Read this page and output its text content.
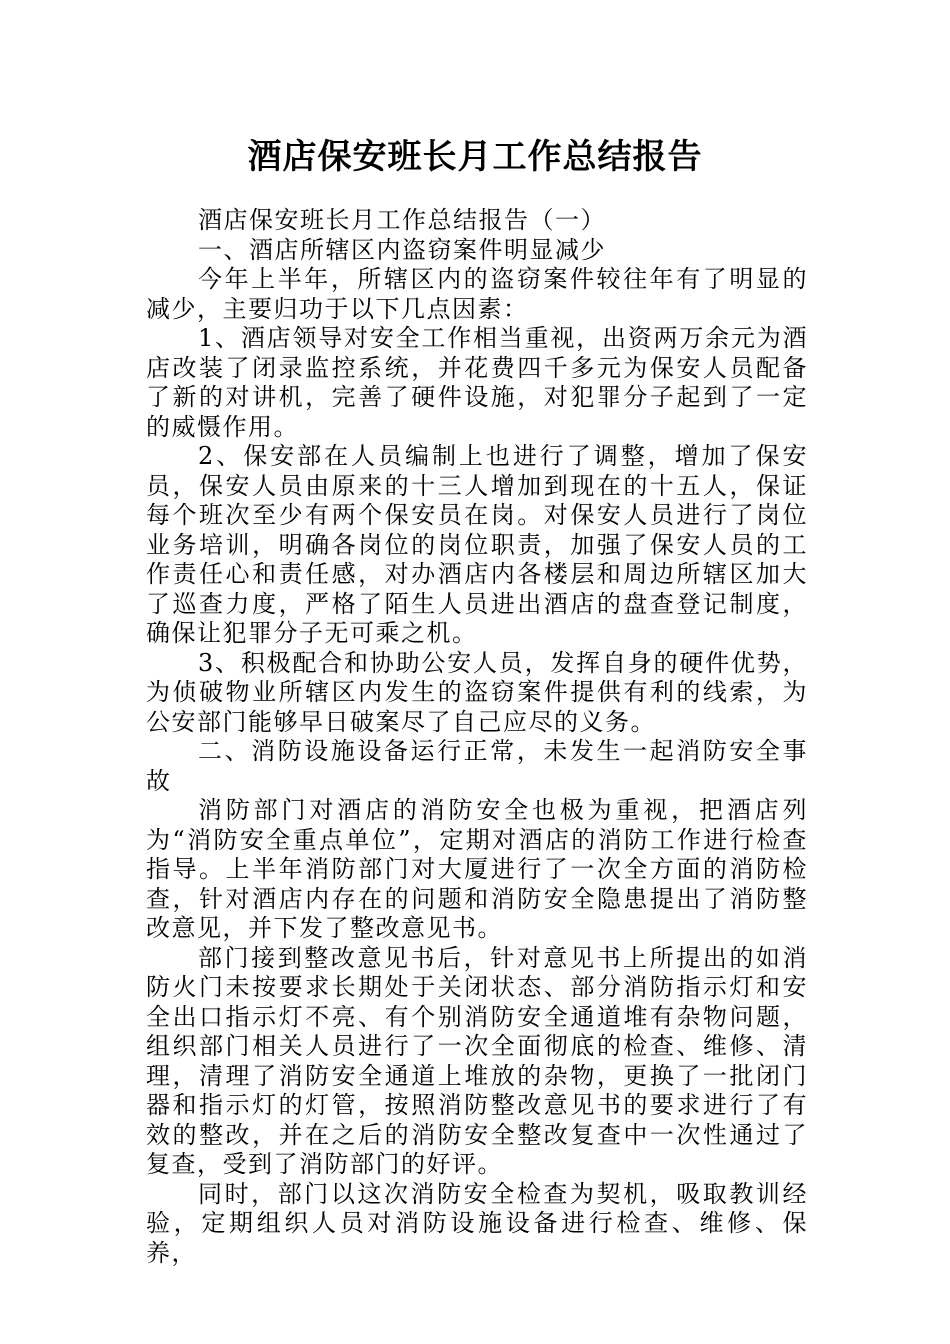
酒店保安班长月工作总结报告

酒店保安班长月工作总结报告（一）

一、酒店所辖区内盗窃案件明显减少

今年上半年，所辖区内的盗窃案件较往年有了明显的减少，主要归功于以下几点因素：

1、酒店领导对安全工作相当重视，出资两万余元为酒店改装了闭录监控系统，并花费四千多元为保安人员配备了新的对讲机，完善了硬件设施，对犯罪分子起到了一定的威慑作用。

2、保安部在人员编制上也进行了调整，增加了保安员，保安人员由原来的十三人增加到现在的十五人，保证每个班次至少有两个保安员在岗。对保安人员进行了岗位业务培训，明确各岗位的岗位职责，加强了保安人员的工作责任心和责任感，对办酒店内各楼层和周边所辖区加大了巡查力度，严格了陌生人员进出酒店的盘查登记制度，确保让犯罪分子无可乘之机。

3、积极配合和协助公安人员，发挥自身的硬件优势，为侦破物业所辖区内发生的盗窃案件提供有利的线索，为公安部门能够早日破案尽了自己应尽的义务。

二、消防设施设备运行正常，未发生一起消防安全事故

消防部门对酒店的消防安全也极为重视，把酒店列为“消防安全重点单位”，定期对酒店的消防工作进行检查指导。上半年消防部门对大厦进行了一次全方面的消防检查，针对酒店内存在的问题和消防安全隐患提出了消防整改意见，并下发了整改意见书。

部门接到整改意见书后，针对意见书上所提出的如消防火门未按要求长期处于关闭状态、部分消防指示灯和安全出口指示灯不亮、有个别消防安全通道堆有杂物问题，组织部门相关人员进行了一次全面彻底的检查、维修、清理，清理了消防安全通道上堆放的杂物，更换了一批闭门器和指示灯的灯管，按照消防整改意见书的要求进行了有效的整改，并在之后的消防安全整改复查中一次性通过了复查，受到了消防部门的好评。

同时，部门以这次消防安全检查为契机，吸取教训经验，定期组织人员对消防设施设备进行检查、维修、保养，
